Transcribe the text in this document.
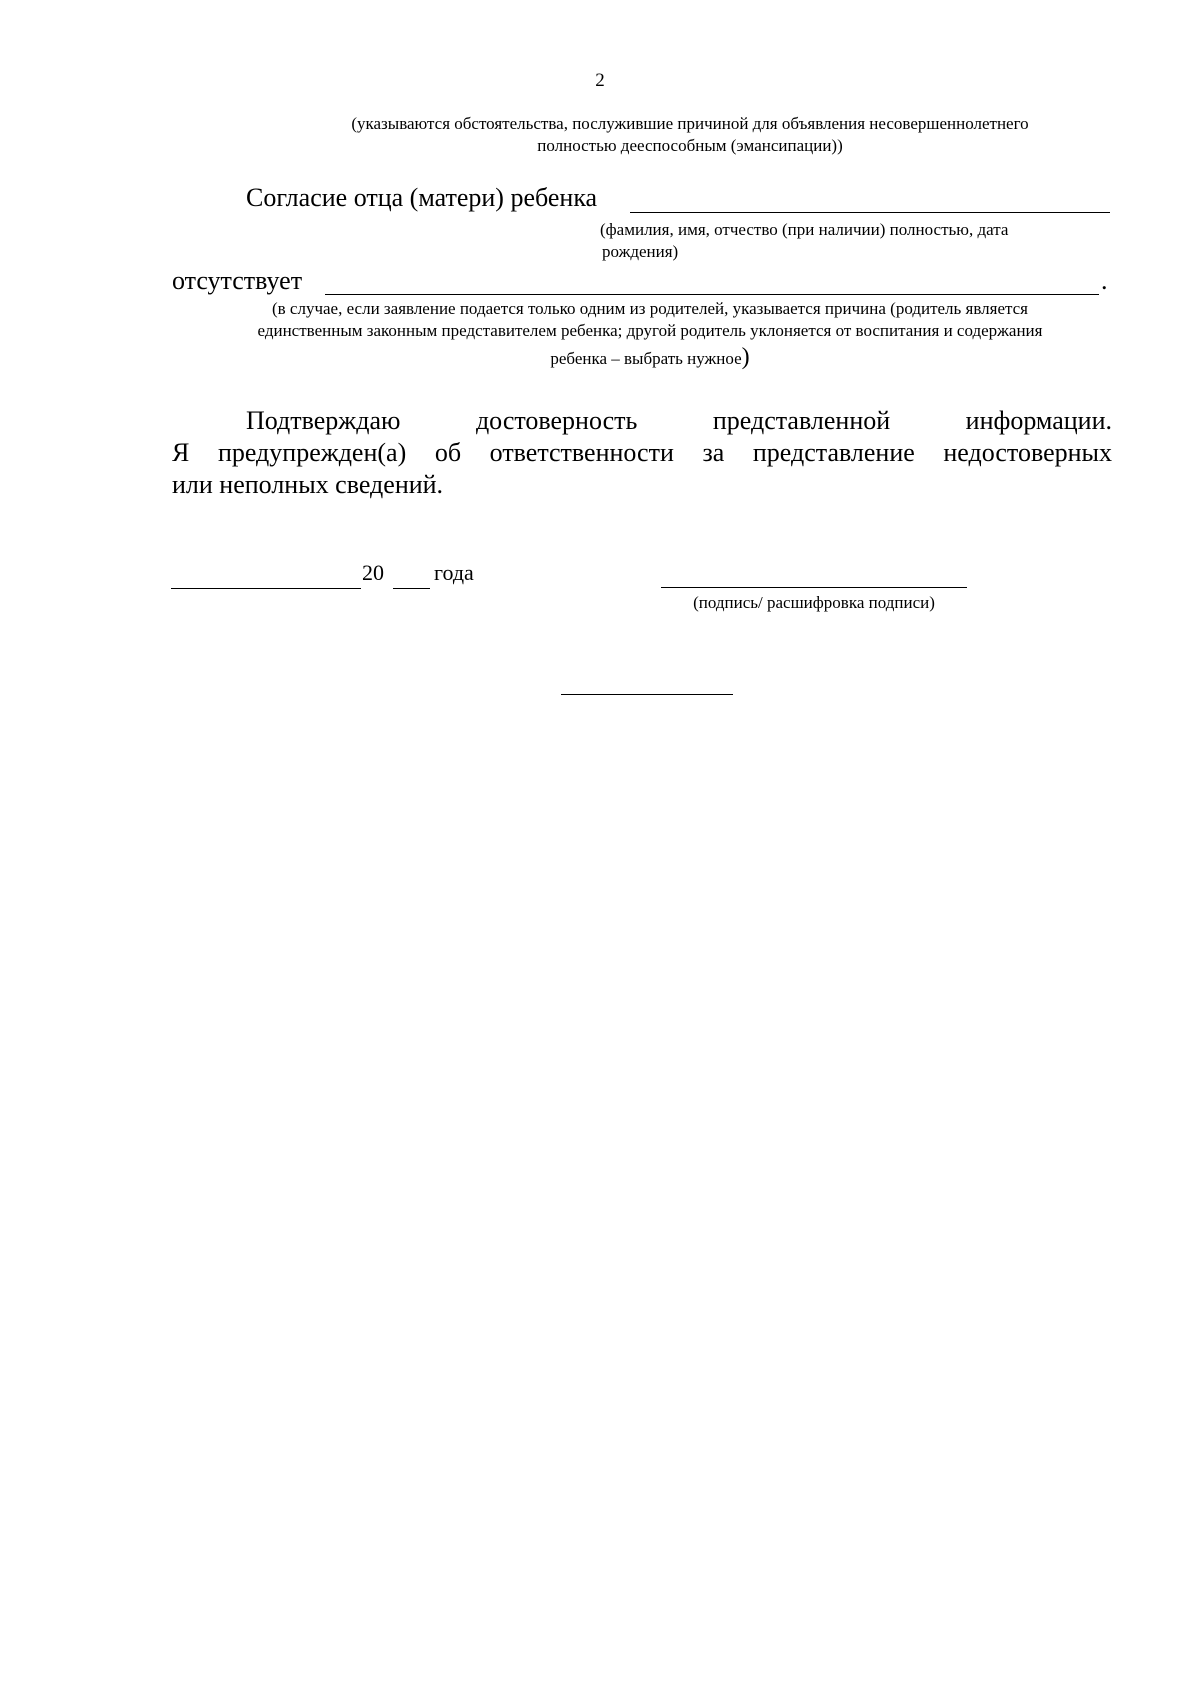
2
(указываются обстоятельства, послужившие причиной для объявления несовершеннолетнего
полностью дееспособным (эмансипации))
Согласие отца (матери) ребенка
(фамилия, имя, отчество (при наличии) полностью, дата
рождения)
отсутствует	.
(в случае, если заявление подается только одним из родителей, указывается причина (родитель является
единственным законным представителем ребенка; другой родитель уклоняется от воспитания и содержания
ребенка – выбрать нужное)

Подтверждаю достоверность представленной информации.

Я предупрежден(а) об ответственности за представление недостоверных

или неполных сведений.

20 года
(подпись/ расшифровка подписи)
